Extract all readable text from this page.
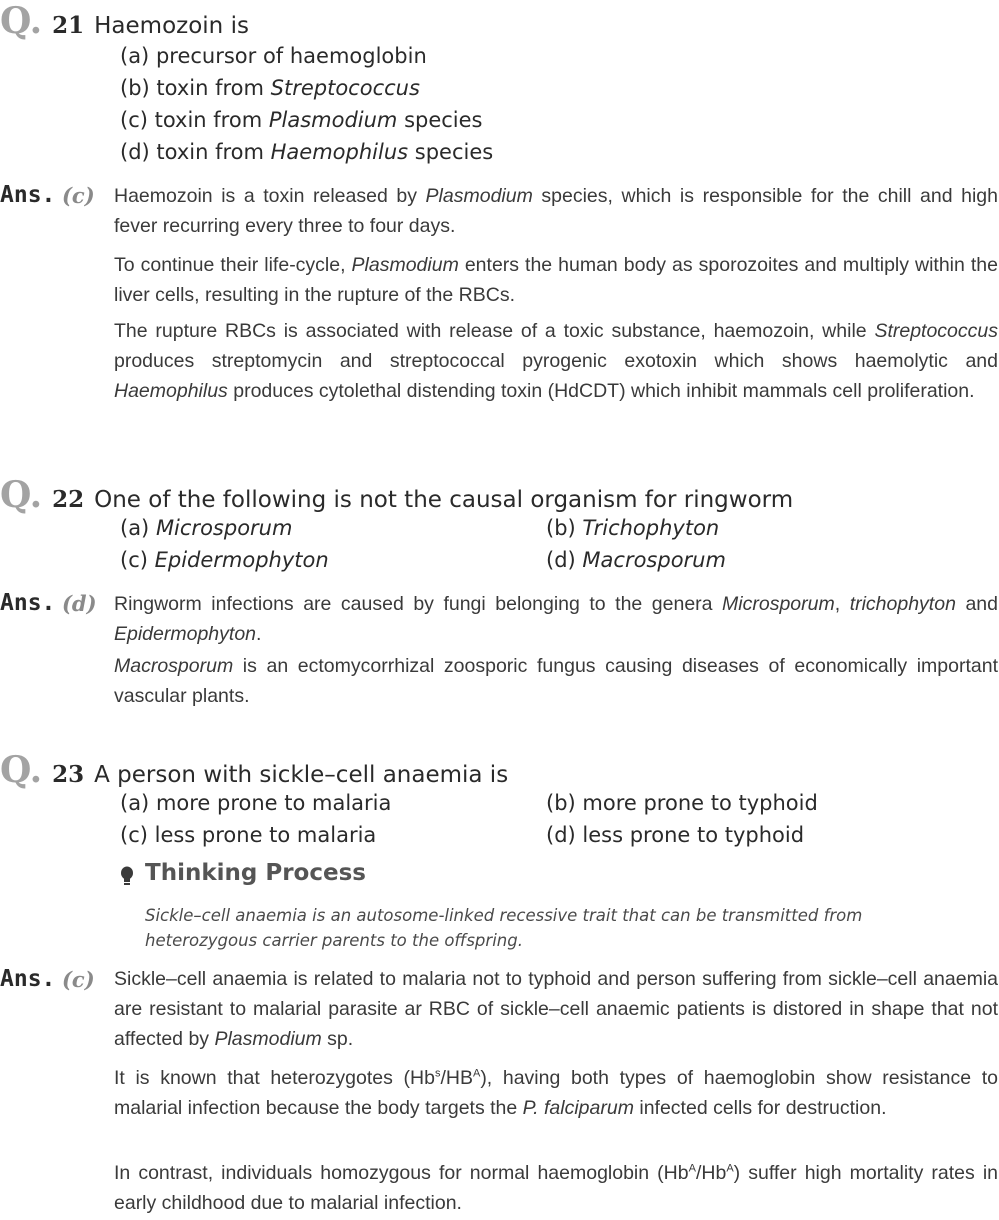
Q. 21 Haemozoin is
(a) precursor of haemoglobin
(b) toxin from Streptococcus
(c) toxin from Plasmodium species
(d) toxin from Haemophilus species
Ans. (c) Haemozoin is a toxin released by Plasmodium species, which is responsible for the chill and high fever recurring every three to four days.
To continue their life-cycle, Plasmodium enters the human body as sporozoites and multiply within the liver cells, resulting in the rupture of the RBCs.
The rupture RBCs is associated with release of a toxic substance, haemozoin, while Streptococcus produces streptomycin and streptococcal pyrogenic exotoxin which shows haemolytic and Haemophilus produces cytolethal distending toxin (HdCDT) which inhibit mammals cell proliferation.
Q. 22 One of the following is not the causal organism for ringworm
(a) Microsporum	(b) Trichophyton
(c) Epidermophyton	(d) Macrosporum
Ans. (d) Ringworm infections are caused by fungi belonging to the genera Microsporum, trichophyton and Epidermophyton.
Macrosporum is an ectomycorrhizal zoosporic fungus causing diseases of economically important vascular plants.
Q. 23 A person with sickle–cell anaemia is
(a) more prone to malaria	(b) more prone to typhoid
(c) less prone to malaria	(d) less prone to typhoid
Thinking Process
Sickle–cell anaemia is an autosome-linked recessive trait that can be transmitted from heterozygous carrier parents to the offspring.
Ans. (c) Sickle–cell anaemia is related to malaria not to typhoid and person suffering from sickle–cell anaemia are resistant to malarial parasite ar RBC of sickle–cell anaemic patients is distored in shape that not affected by Plasmodium sp.
It is known that heterozygotes $(Hb^s/HB^A)$, having both types of haemoglobin show resistance to malarial infection because the body targets the P. falciparum infected cells for destruction.
In contrast, individuals homozygous for normal haemoglobin $(Hb^A/Hb^A)$ suffer high mortality rates in early childhood due to malarial infection.
